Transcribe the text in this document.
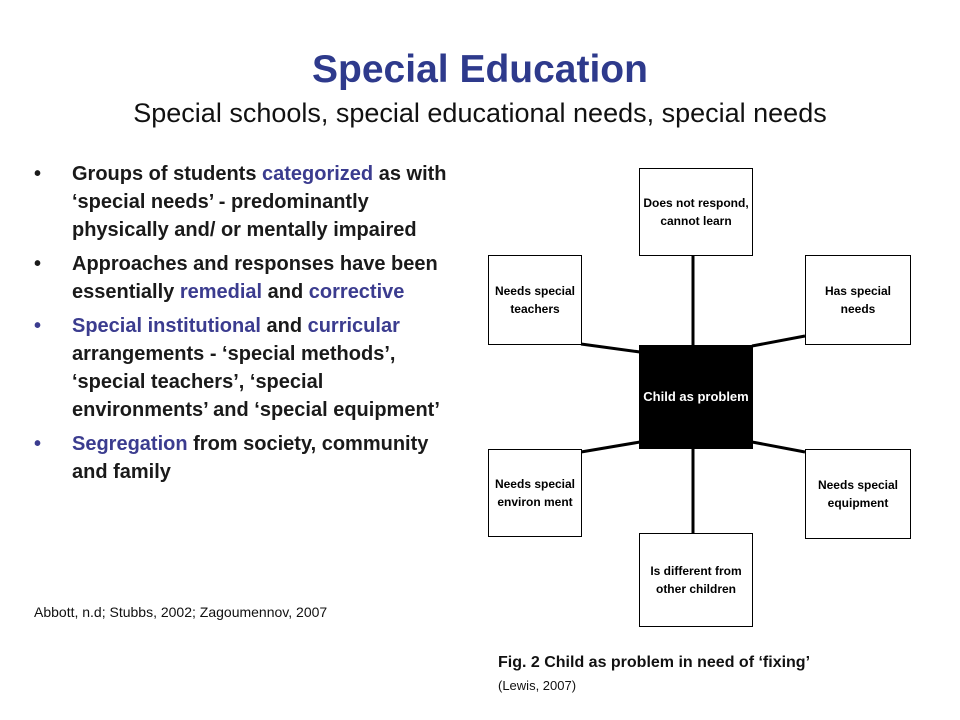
Special Education
Special schools, special educational needs, special needs
• Groups of students categorized as with ‘special needs’ - predominantly physically and/ or mentally impaired
• Approaches and responses have been essentially remedial and corrective
• Special institutional and curricular arrangements - ‘special methods’, ‘special teachers’, ‘special environments’ and ‘special equipment’
• Segregation from society, community and family
Abbott, n.d; Stubbs, 2002; Zagoumennov, 2007
Does not respond, cannot learn
Needs special teachers
Has special needs
Child as problem
Needs special environ ment
Needs special equipment
Is different from other children
Fig. 2 Child as problem in need of ‘fixing’
(Lewis, 2007)
